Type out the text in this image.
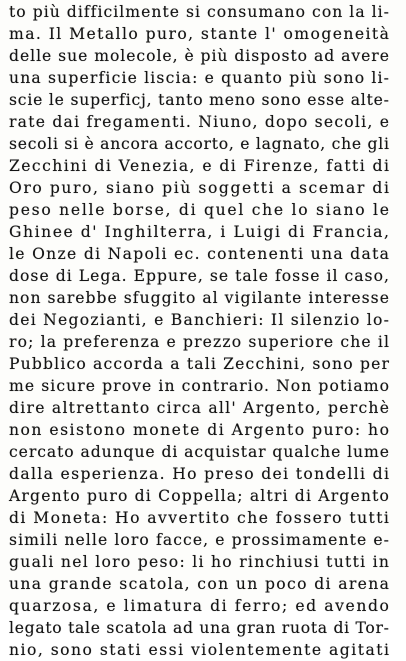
to più difficilmente si consumano con la li-
ma. Il Metallo puro, stante l' omogeneità
delle sue molecole, è più disposto ad avere
una superficie liscia: e quanto più sono li-
scie le superficj, tanto meno sono esse alte-
rate dai fregamenti. Niuno, dopo secoli, e
secoli si è ancora accorto, e lagnato, che gli
Zecchini di Venezia, e di Firenze, fatti di
Oro puro, siano più soggetti a scemar di
peso nelle borse, di quel che lo siano le
Ghinee d' Inghilterra, i Luigi di Francia,
le Onze di Napoli ec. contenenti una data
dose di Lega. Eppure, se tale fosse il caso,
non sarebbe sfuggito al vigilante interesse
dei Negozianti, e Banchieri: Il silenzio lo-
ro; la preferenza e prezzo superiore che il
Pubblico accorda a tali Zecchini, sono per
me sicure prove in contrario. Non potiamo
dire altrettanto circa all' Argento, perchè
non esistono monete di Argento puro: ho
cercato adunque di acquistar qualche lume
dalla esperienza. Ho preso dei tondelli di
Argento puro di Coppella; altri di Argento
di Moneta: Ho avvertito che fossero tutti
simili nelle loro facce, e prossimamente e-
guali nel loro peso: li ho rinchiusi tutti in
una grande scatola, con un poco di arena
quarzosa, e limatura di ferro; ed avendo
legato tale scatola ad una gran ruota di Tor-
nio, sono stati essi violentemente agitati
